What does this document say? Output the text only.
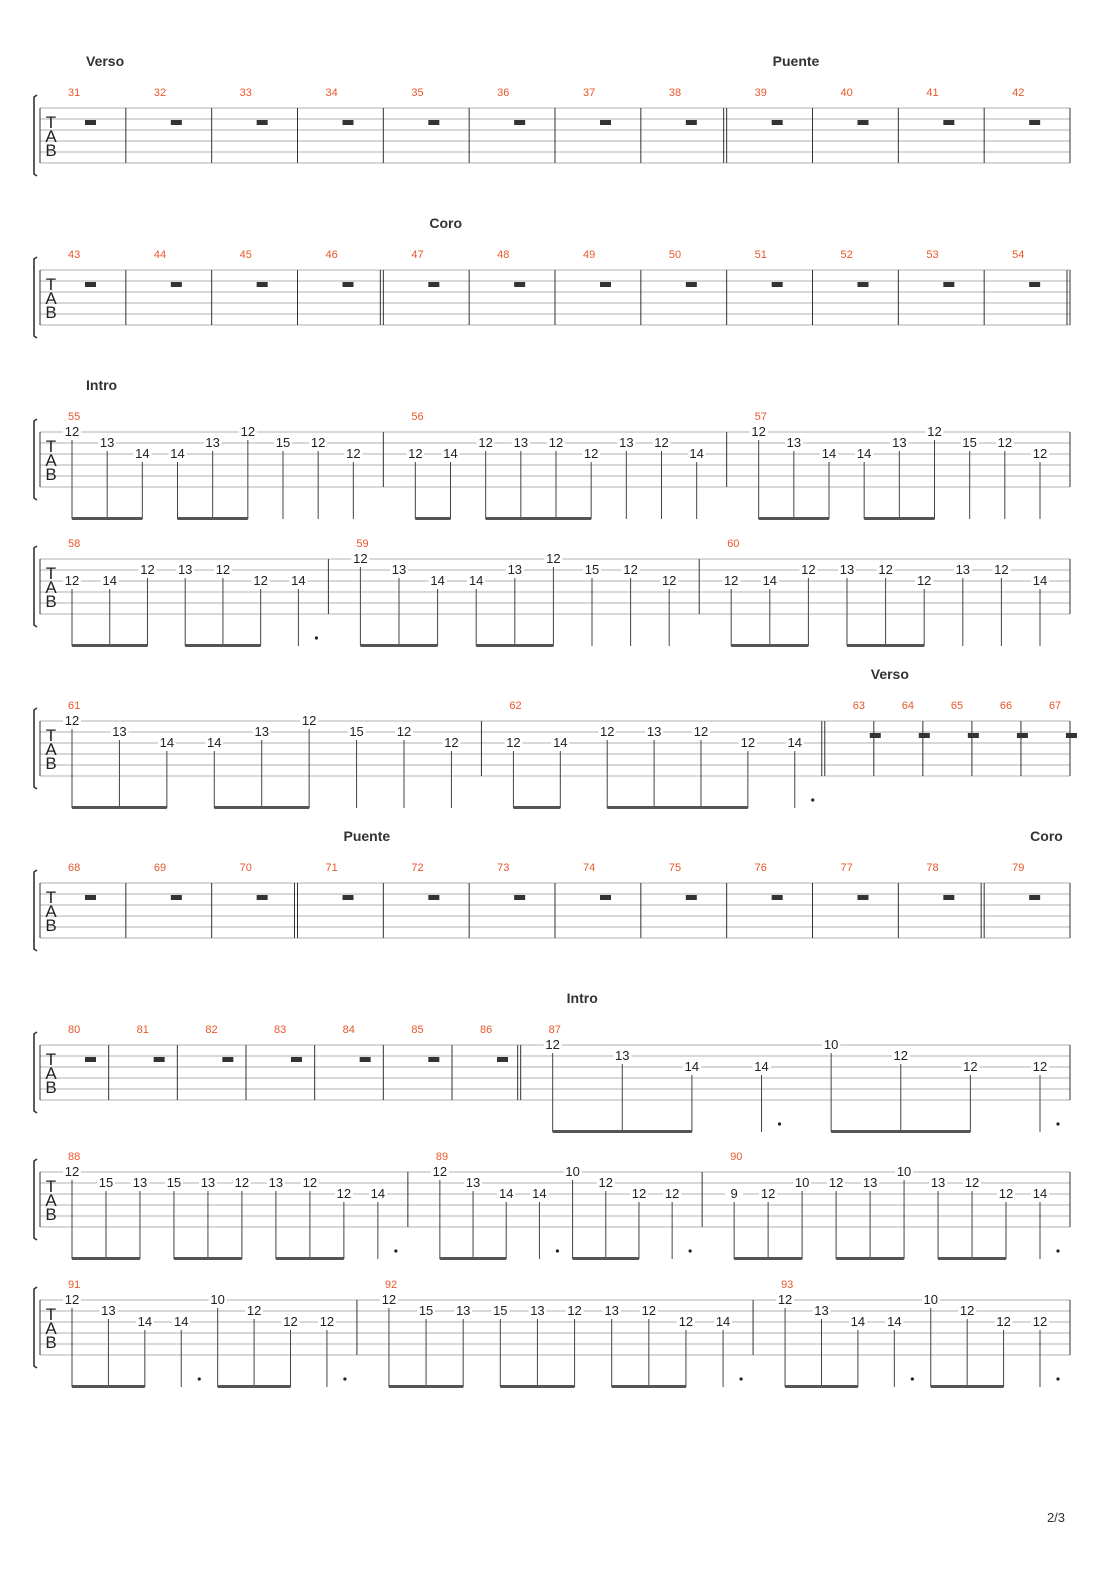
T
A
B
31
Verso
32	33	34	35	36	37	38	39
Puente
40	41	42
T
A
B
43	44	45	46	47
Coro
48	49	50	51	52	53	54
T
A
B
55
Intro
12
13
14 14
13
12
15 12
12
56
12 14
12 13 12
12
13 12
14
57
12
13
14 14
13
12
15 12
12
T
A
B
58
12 14
12 13 12
12 14
59
12
13
14 14
13
12
15 12
12
60
12 14
12 13 12
12
13 12
14
T
A
B
61
12
13
14	14
13
12
15	12
12
62
12 14
12 13 12
12 14
63
Verso
64	65	66	67
T
A
B
68	69	70	71
Puente
72	73	74	75	76	77	78	79
Coro
T
A
B
80	81	82	83	84	85	86	87
Intro
12
13
14	14
10
12
12	12
T
A
B
88
12
15 13 15 13 12 13 12
12 14
89
12
13
14 14
10
12
12 12
90
9 12
10 12 13
10
13 12
12 14
T
A
B
91
12
13
14 14
10
12
12 12
92
12
15 13 15 13 12 13 12
12 14
93
12
13
14 14
10
12
12 12
2/3
